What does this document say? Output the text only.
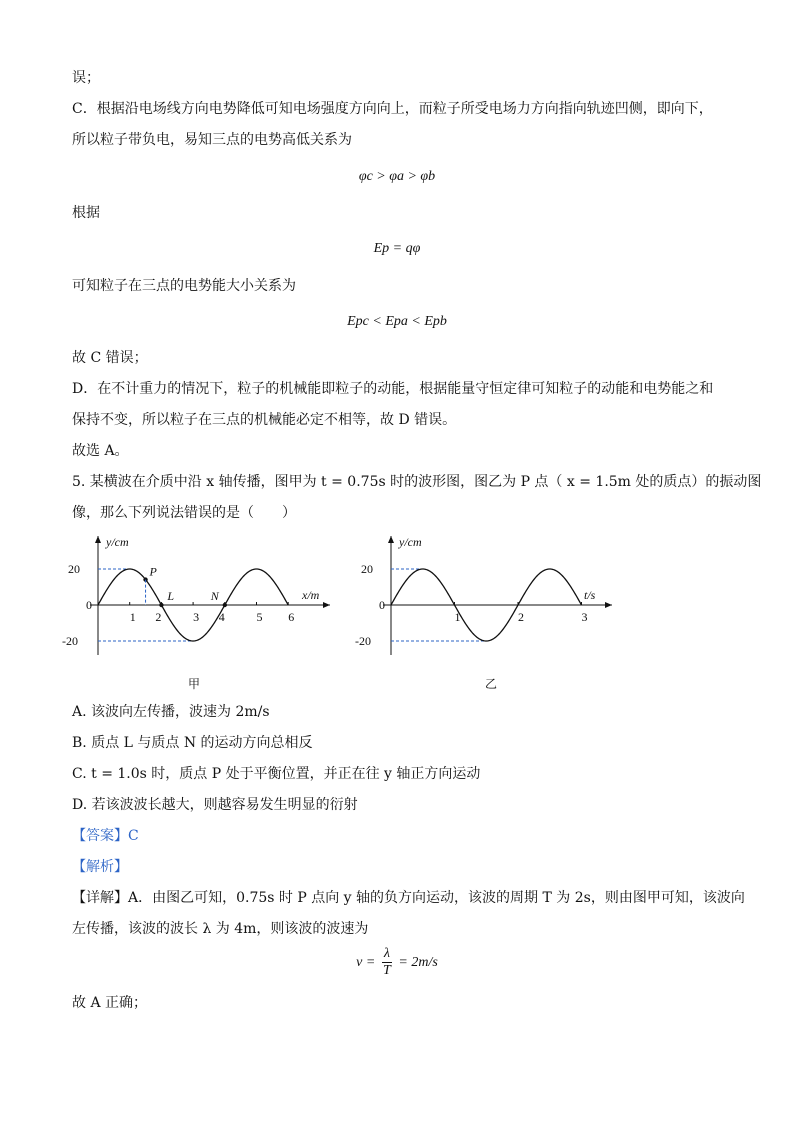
误；
C．根据沿电场线方向电势降低可知电场强度方向向上，而粒子所受电场力方向指向轨迹凹侧，即向下，
所以粒子带负电，易知三点的电势高低关系为
φc > φa > φb
根据
Ep = qφ
可知粒子在三点的电势能大小关系为
Epc < Epa < Epb
故 C 错误；
D．在不计重力的情况下，粒子的机械能即粒子的动能，根据能量守恒定律可知粒子的动能和电势能之和
保持不变，所以粒子在三点的机械能必定不相等，故 D 错误。
故选 A。
5. 某横波在介质中沿 x 轴传播，图甲为 t = 0.75s 时的波形图，图乙为 P 点（ x = 1.5m 处的质点）的振动图
像，那么下列说法错误的是（　　）
y/cm
x/m
20
0
-20
1 2	3 4	5 6
P
L	N
甲
y/cm
t/s
20
0
-20
1	2	3
乙
A. 该波向左传播，波速为 2m/s
B. 质点 L 与质点 N 的运动方向总相反
C. t = 1.0s 时，质点 P 处于平衡位置，并正在往 y 轴正方向运动
D. 若该波波长越大，则越容易发生明显的衍射
【答案】C
【解析】
【详解】A．由图乙可知，0.75s 时 P 点向 y 轴的负方向运动，该波的周期 T 为 2s，则由图甲可知，该波向
左传播，该波的波长 λ 为 4m，则该波的波速为
$v = \frac{\lambda}{T} = 2m/s$
故 A 正确；
